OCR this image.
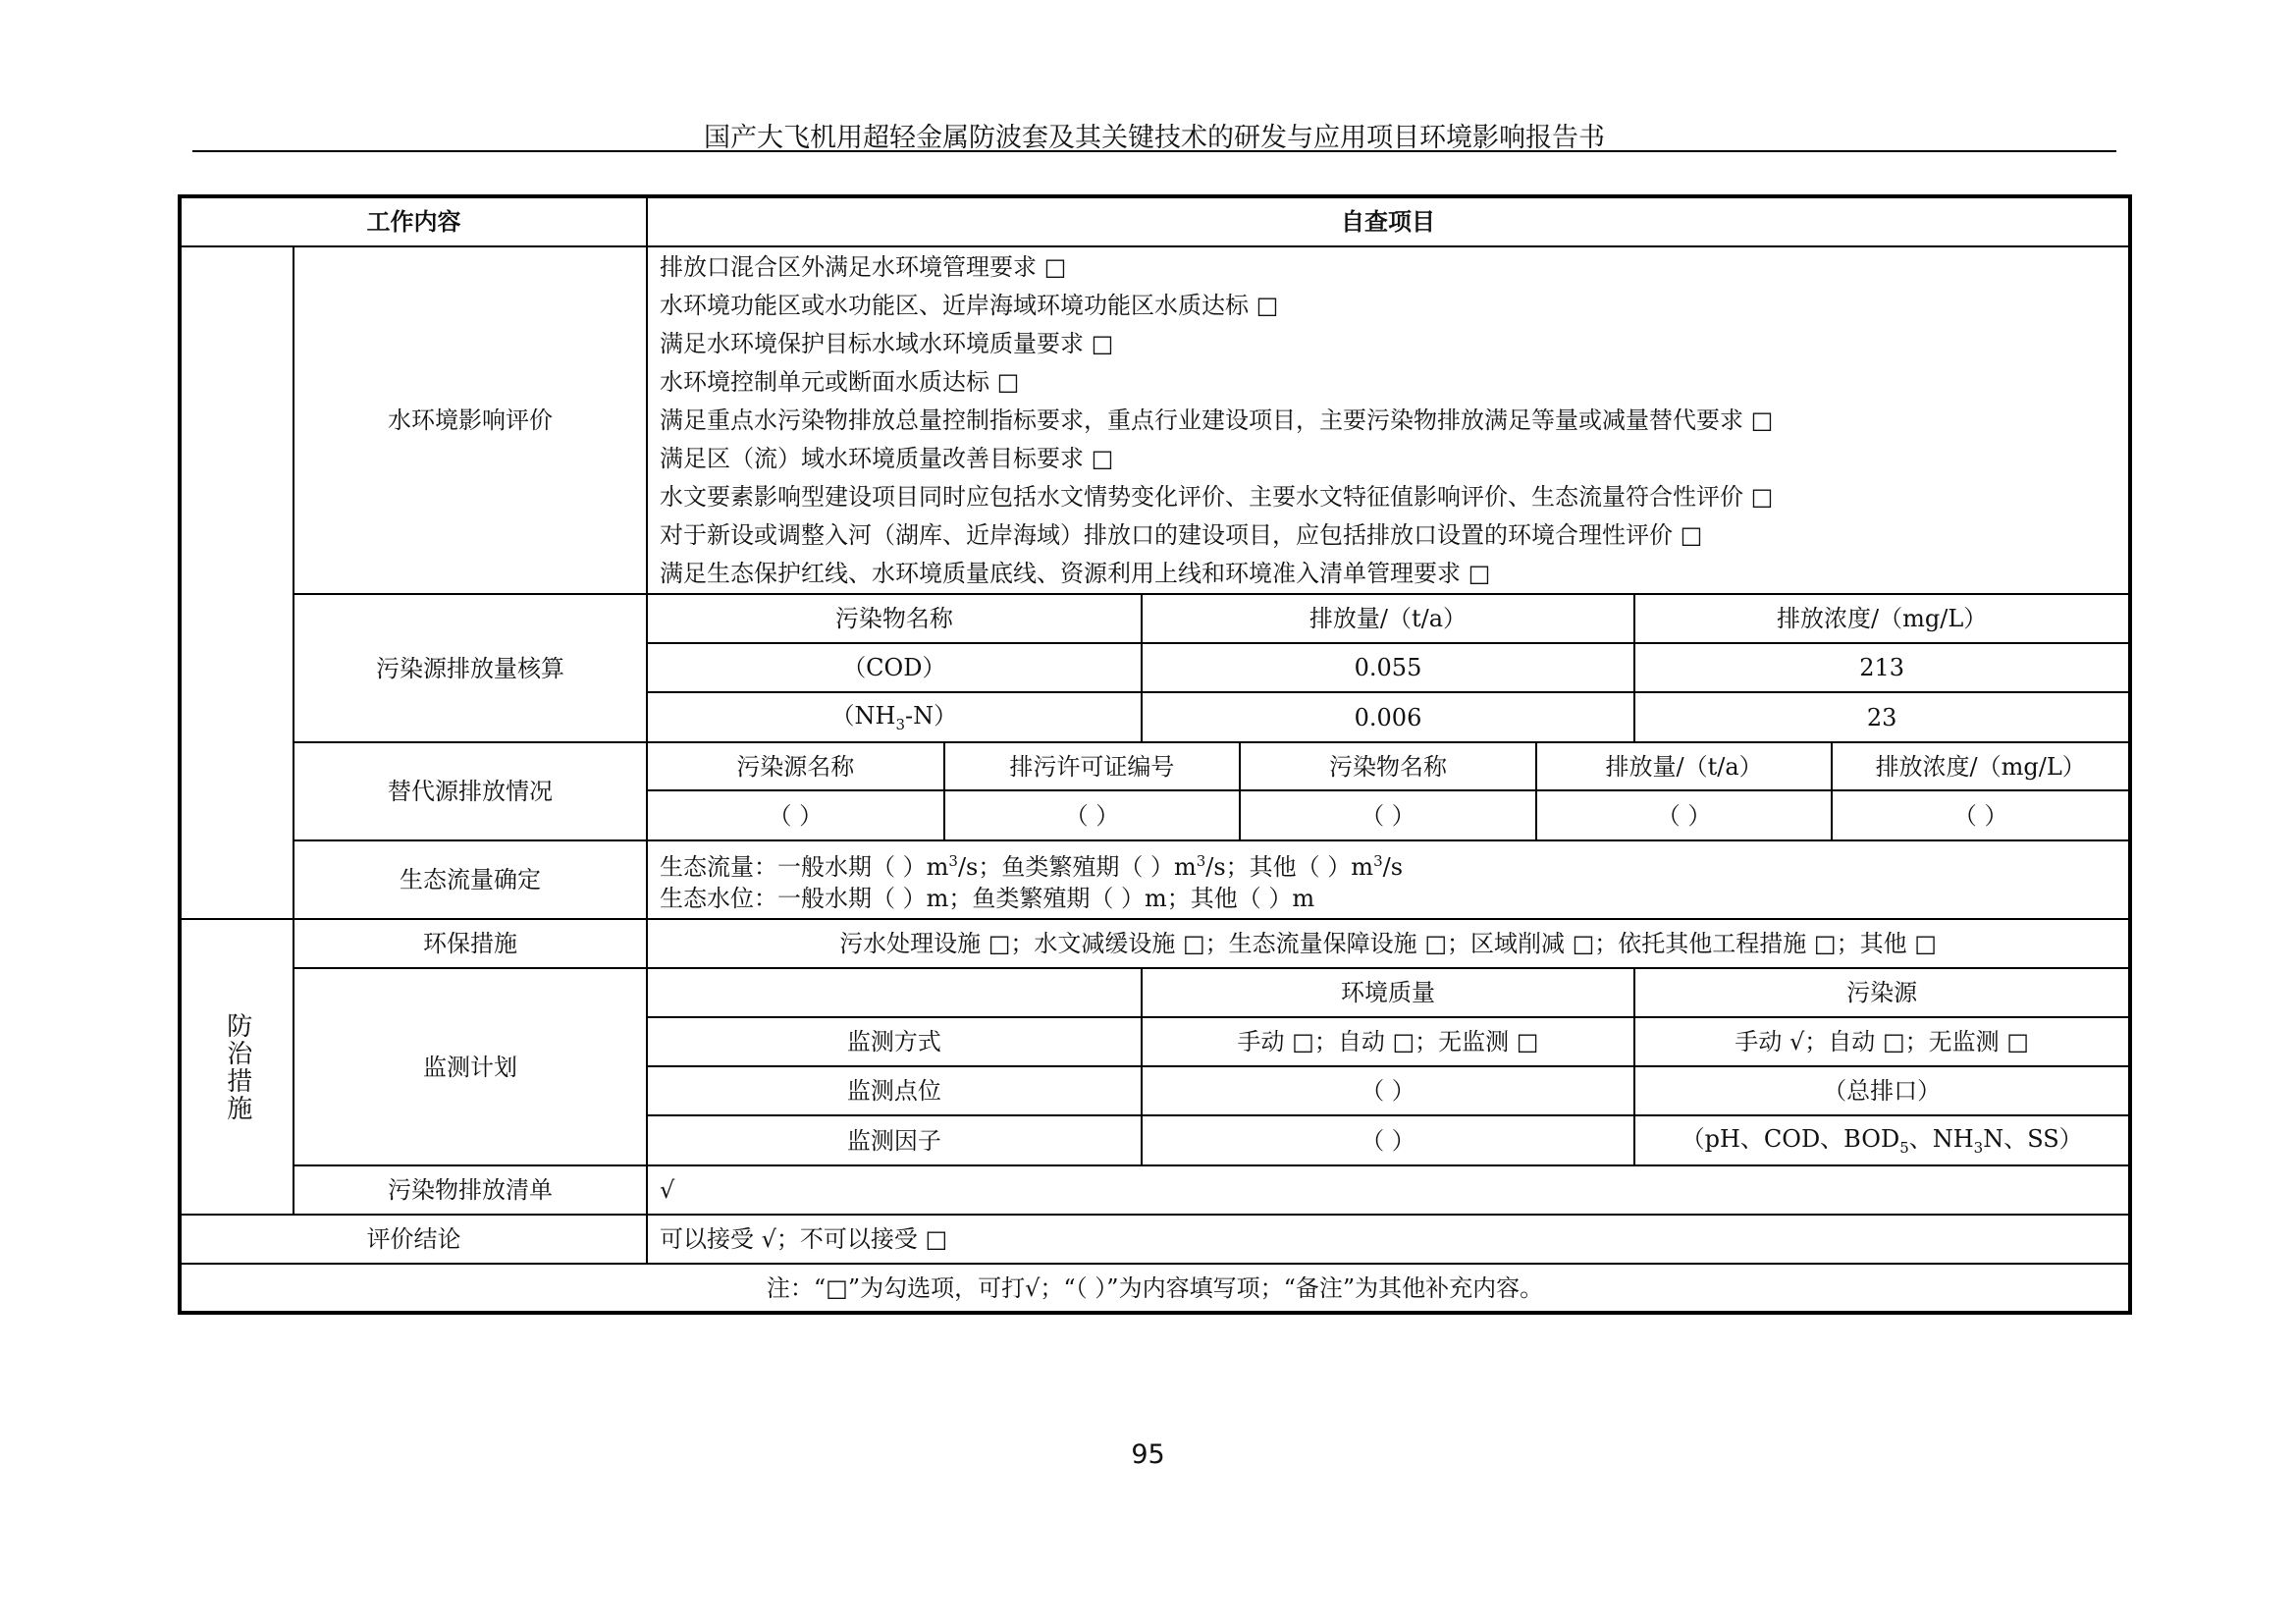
国产大飞机用超轻金属防波套及其关键技术的研发与应用项目环境影响报告书
工作内容	自查项目
	水环境影响评价	
排放口混合区外满足水环境管理要求 □
水环境功能区或水功能区、近岸海域环境功能区水质达标 □
满足水环境保护目标水域水环境质量要求 □
水环境控制单元或断面水质达标 □
满足重点水污染物排放总量控制指标要求，重点行业建设项目，主要污染物排放满足等量或减量替代要求 □
满足区（流）域水环境质量改善目标要求 □
水文要素影响型建设项目同时应包括水文情势变化评价、主要水文特征值影响评价、生态流量符合性评价 □
对于新设或调整入河（湖库、近岸海域）排放口的建设项目，应包括排放口设置的环境合理性评价 □
满足生态保护红线、水环境质量底线、资源利用上线和环境准入清单管理要求 □

污染源排放量核算	
污染物名称	排放量/（t/a）	排放浓度/（mg/L）
（COD）	0.055	213
$(NH_3-N)$	0.006	23

替代源排放情况	
污染源名称	排污许可证编号	污染物名称	排放量/（t/a）	排放浓度/（mg/L）
（ ）	（ ）	（ ）	（ ）	（ ）

生态流量确定	生态流量：一般水期（ ）$m^3/s$；鱼类繁殖期（ ）$m^3/s$；其他（ ）$m^3/s$
生态水位：一般水期（ ）m；鱼类繁殖期（ ）m；其他（ ）m

防治措施
	环保措施	污水处理设施 □；水文减缓设施 □；生态流量保障设施 □；区域削减 □；依托其他工程措施 □；其他 □
监测计划	
	环境质量	污染源
监测方式	手动 □；自动 □；无监测 □	手动 √；自动 □；无监测 □
监测点位	（ ）	（总排口）
监测因子	（ ）	（pH、COD、$BOD_5$、$NH_3N$、SS）

污染物排放清单	√
评价结论	可以接受 √；不可以接受 □
注：“□”为勾选项，可打√；“（ ）”为内容填写项；“备注”为其他补充内容。
95
